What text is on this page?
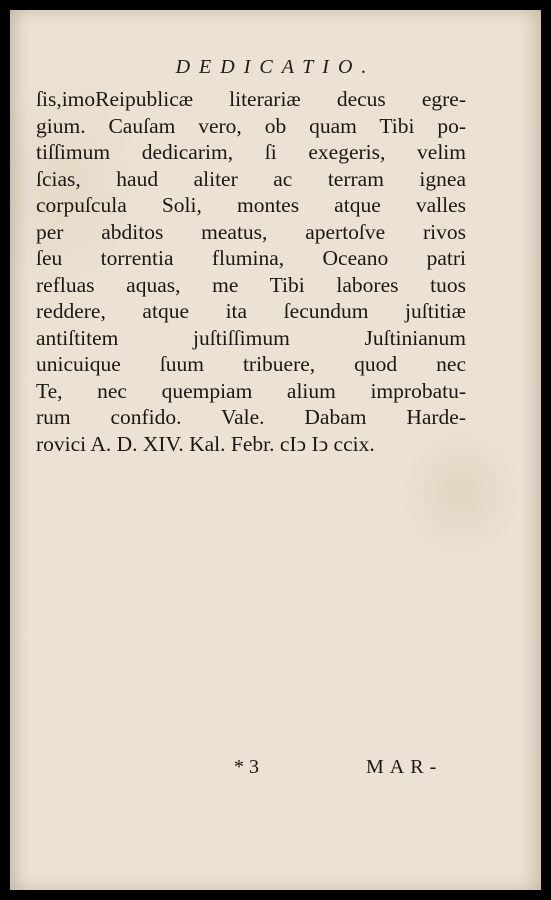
DEDICATIO.
ſis,imoReipublicæ literariæ decus egre-
gium. Cauſam vero, ob quam Tibi po-
tiſſimum dedicarim, ſi exegeris, velim
ſcias, haud aliter ac terram ignea
corpuſcula Soli, montes atque valles
per abditos meatus, apertoſve rivos
ſeu torrentia flumina, Oceano patri
refluas aquas, me Tibi labores tuos
reddere, atque ita ſecundum juſtitiæ
antiſtitem juſtiſſimum Juſtinianum
unicuique ſuum tribuere, quod nec
Te, nec quempiam alium improbatu-
rum confido. Vale. Dabam Harde-
rovici A. D. XIV. Kal. Febr. cIↄ Iↄ ccix.
* 3	MAR-
